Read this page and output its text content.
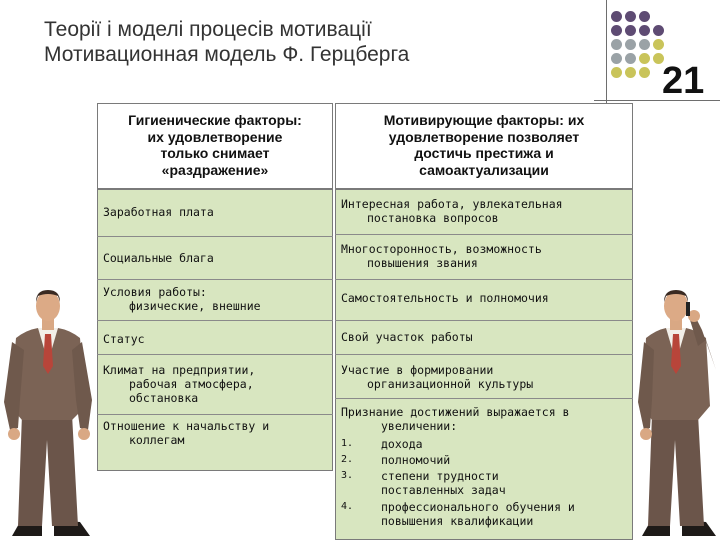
Теорії і моделі процесів мотивації
Мотивационная модель Ф. Герцберга
21
Гигиенические факторы:
их удовлетворение
только снимает
«раздражение»
Мотивирующие факторы: их
удовлетворение позволяет
достичь престижа и
самоактуализации
Заработная плата
Социальные блага
Условия работы:
физические, внешние
Статус
Климат на предприятии,
рабочая атмосфера,
обстановка
Отношение к начальству и
коллегам
Интересная работа, увлекательная
постановка вопросов
Многосторонность, возможность
повышения звания
Самостоятельность и полномочия
Свой участок работы
Участие в формировании
организационной культуры
Признание достижений выражается в
увеличении:
1. дохода
2. полномочий
3. степени трудности
поставленных задач
4. профессионального обучения и
повышения квалификации
